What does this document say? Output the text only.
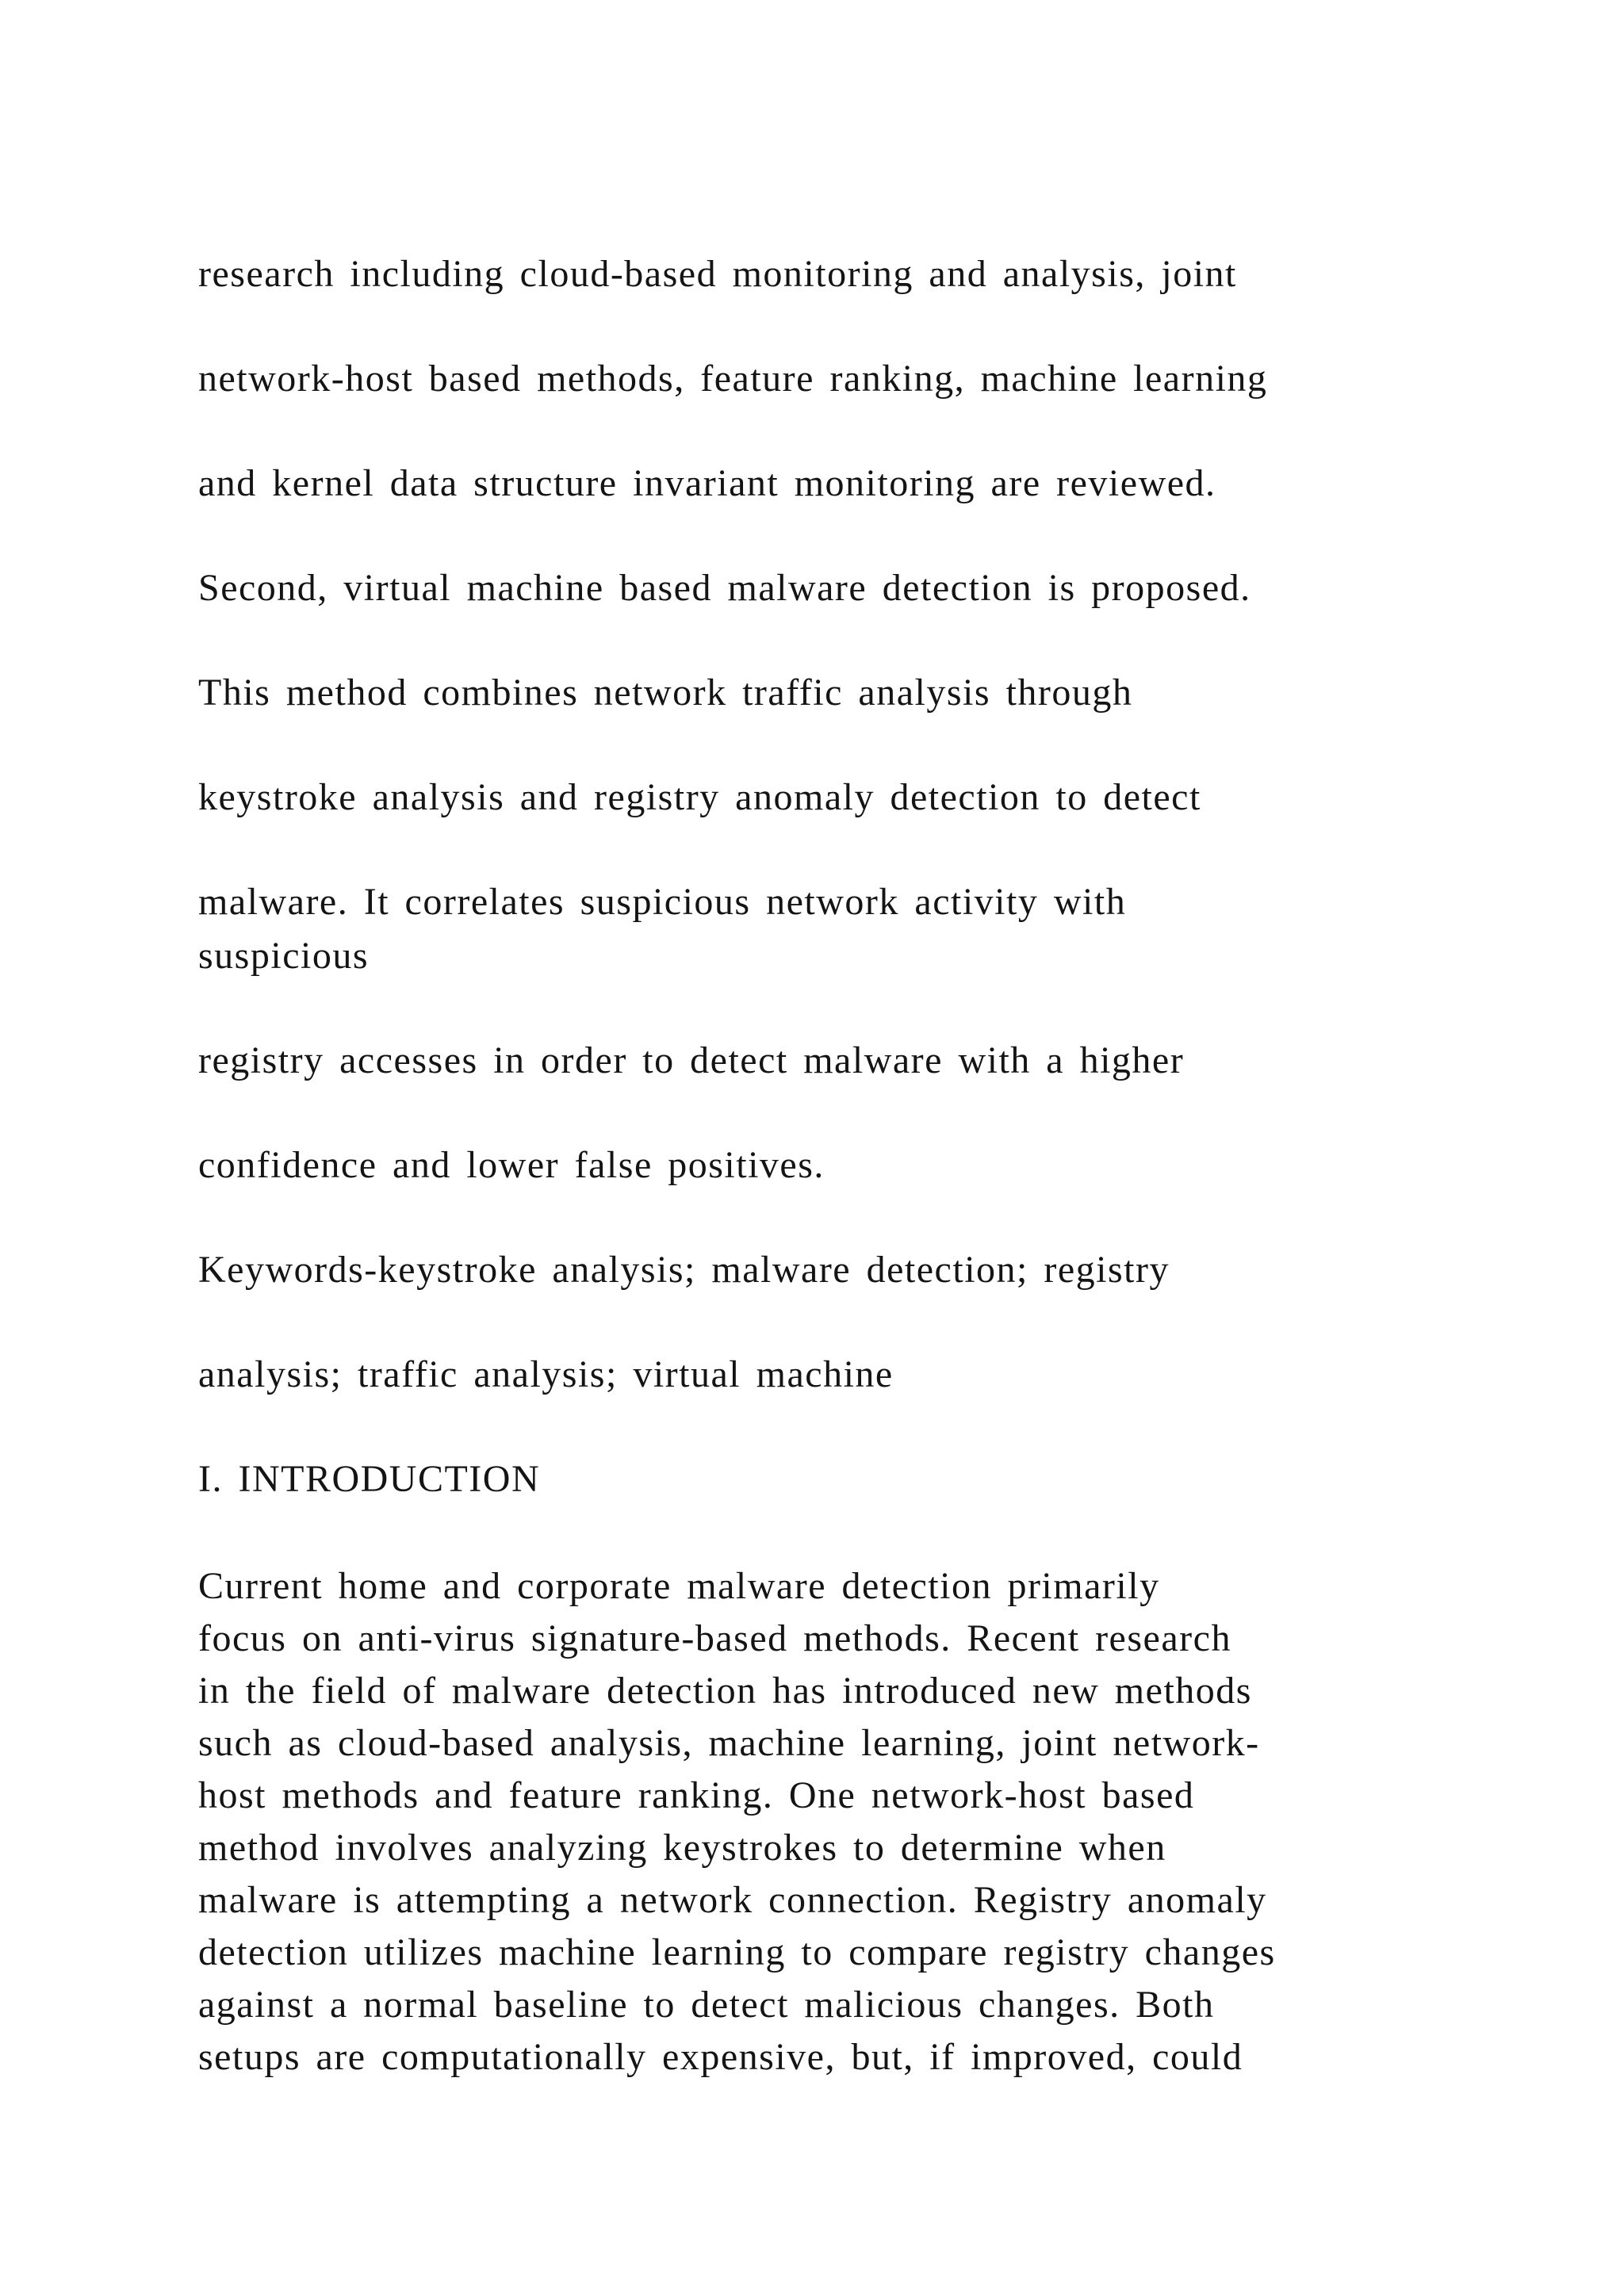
research including cloud-based monitoring and analysis, joint
network-host based methods, feature ranking, machine learning
and kernel data structure invariant monitoring are reviewed.
Second, virtual machine based malware detection is proposed.
This method combines network traffic analysis through
keystroke analysis and registry anomaly detection to detect
malware. It correlates suspicious network activity with
suspicious
registry accesses in order to detect malware with a higher
confidence and lower false positives.
Keywords-keystroke analysis; malware detection; registry
analysis; traffic analysis; virtual machine
I. INTRODUCTION
Current home and corporate malware detection primarily
focus on anti-virus signature-based methods. Recent research
in the field of malware detection has introduced new methods
such as cloud-based analysis, machine learning, joint network-
host methods and feature ranking. One network-host based
method involves analyzing keystrokes to determine when
malware is attempting a network connection. Registry anomaly
detection utilizes machine learning to compare registry changes
against a normal baseline to detect malicious changes. Both
setups are computationally expensive, but, if improved, could
